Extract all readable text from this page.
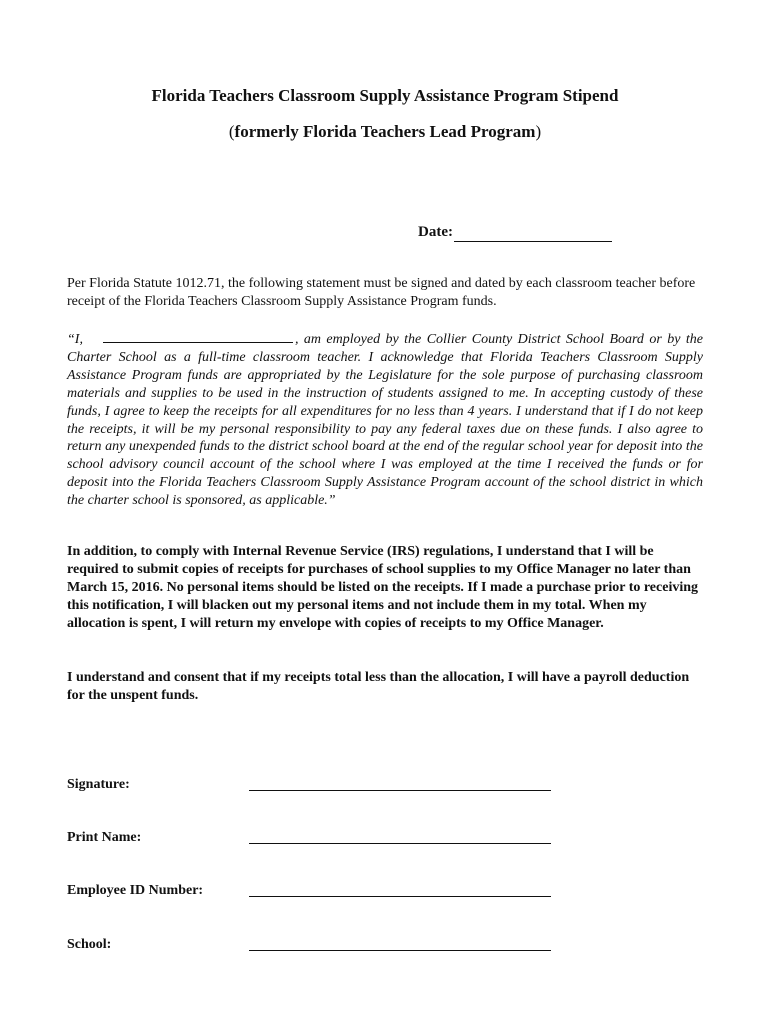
Florida Teachers Classroom Supply Assistance Program Stipend
(formerly Florida Teachers Lead Program)
Date:
Per Florida Statute 1012.71, the following statement must be signed and dated by each classroom teacher before receipt of the Florida Teachers Classroom Supply Assistance Program funds.
“I,	, am employed by the Collier County District School Board or by the Charter School as a full-time classroom teacher. I acknowledge that Florida Teachers Classroom Supply Assistance Program funds are appropriated by the Legislature for the sole purpose of purchasing classroom materials and supplies to be used in the instruction of students assigned to me. In accepting custody of these funds, I agree to keep the receipts for all expenditures for no less than 4 years. I understand that if I do not keep the receipts, it will be my personal responsibility to pay any federal taxes due on these funds. I also agree to return any unexpended funds to the district school board at the end of the regular school year for deposit into the school advisory council account of the school where I was employed at the time I received the funds or for deposit into the Florida Teachers Classroom Supply Assistance Program account of the school district in which the charter school is sponsored, as applicable.”
In addition, to comply with Internal Revenue Service (IRS) regulations, I understand that I will be required to submit copies of receipts for purchases of school supplies to my Office Manager no later than March 15, 2016. No personal items should be listed on the receipts. If I made a purchase prior to receiving this notification, I will blacken out my personal items and not include them in my total. When my allocation is spent, I will return my envelope with copies of receipts to my Office Manager.
I understand and consent that if my receipts total less than the allocation, I will have a payroll deduction for the unspent funds.
Signature:
Print Name:
Employee ID Number:
School:
